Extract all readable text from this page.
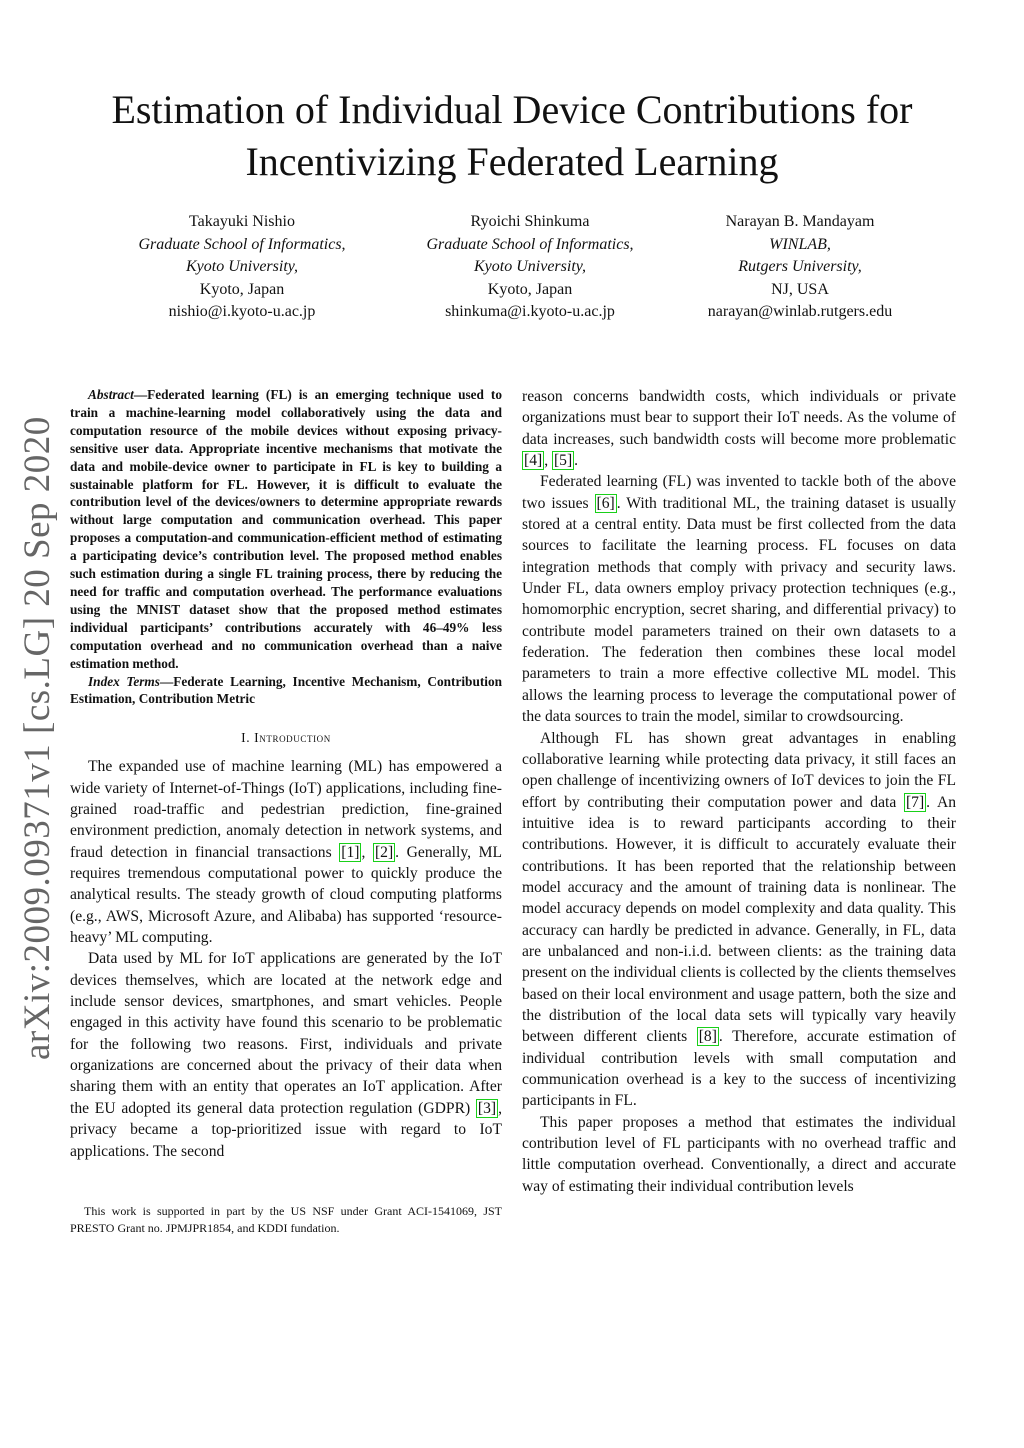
arXiv:2009.09371v1 [cs.LG] 20 Sep 2020
Estimation of Individual Device Contributions for Incentivizing Federated Learning
Takayuki Nishio
Graduate School of Informatics,
Kyoto University,
Kyoto, Japan
nishio@i.kyoto-u.ac.jp
Ryoichi Shinkuma
Graduate School of Informatics,
Kyoto University,
Kyoto, Japan
shinkuma@i.kyoto-u.ac.jp
Narayan B. Mandayam
WINLAB,
Rutgers University,
NJ, USA
narayan@winlab.rutgers.edu

Abstract—Federated learning (FL) is an emerging technique used to train a machine-learning model collaboratively using the data and computation resource of the mobile devices without exposing privacy-sensitive user data. Appropriate incentive mechanisms that motivate the data and mobile-device owner to participate in FL is key to building a sustainable platform for FL. However, it is difficult to evaluate the contribution level of the devices/owners to determine appropriate rewards without large computation and communication overhead. This paper proposes a computation-and communication-efficient method of estimating a participating device’s contribution level. The proposed method enables such estimation during a single FL training process, there by reducing the need for traffic and computation overhead. The performance evaluations using the MNIST dataset show that the proposed method estimates individual participants’ contributions accurately with 46–49% less computation overhead and no communication overhead than a naive estimation method.

Index Terms—Federate Learning, Incentive Mechanism, Contribution Estimation, Contribution Metric

I. Introduction

The expanded use of machine learning (ML) has empowered a wide variety of Internet-of-Things (IoT) applications, including fine-grained road-traffic and pedestrian prediction, fine-grained environment prediction, anomaly detection in network systems, and fraud detection in financial transactions [1] , [2] . Generally, ML requires tremendous computational power to quickly produce the analytical results. The steady growth of cloud computing platforms (e.g., AWS, Microsoft Azure, and Alibaba) has supported ‘resource-heavy’ ML computing.

Data used by ML for IoT applications are generated by the IoT devices themselves, which are located at the network edge and include sensor devices, smartphones, and smart vehicles. People engaged in this activity have found this scenario to be problematic for the following two reasons. First, individuals and private organizations are concerned about the privacy of their data when sharing them with an entity that operates an IoT application. After the EU adopted its general data protection regulation (GDPR) [3] , privacy became a top-prioritized issue with regard to IoT applications. The second

This work is supported in part by the US NSF under Grant ACI-1541069, JST PRESTO Grant no. JPMJPR1854, and KDDI fundation.

reason concerns bandwidth costs, which individuals or private organizations must bear to support their IoT needs. As the volume of data increases, such bandwidth costs will become more problematic [4] , [5] .

Federated learning (FL) was invented to tackle both of the above two issues [6] . With traditional ML, the training dataset is usually stored at a central entity. Data must be first collected from the data sources to facilitate the learning process. FL focuses on data integration methods that comply with privacy and security laws. Under FL, data owners employ privacy protection techniques (e.g., homomorphic encryption, secret sharing, and differential privacy) to contribute model parameters trained on their own datasets to a federation. The federation then combines these local model parameters to train a more effective collective ML model. This allows the learning process to leverage the computational power of the data sources to train the model, similar to crowdsourcing.

Although FL has shown great advantages in enabling collaborative learning while protecting data privacy, it still faces an open challenge of incentivizing owners of IoT devices to join the FL effort by contributing their computation power and data [7] . An intuitive idea is to reward participants according to their contributions. However, it is difficult to accurately evaluate their contributions. It has been reported that the relationship between model accuracy and the amount of training data is nonlinear. The model accuracy depends on model complexity and data quality. This accuracy can hardly be predicted in advance. Generally, in FL, data are unbalanced and non-i.i.d. between clients: as the training data present on the individual clients is collected by the clients themselves based on their local environment and usage pattern, both the size and the distribution of the local data sets will typically vary heavily between different clients [8] . Therefore, accurate estimation of individual contribution levels with small computation and communication overhead is a key to the success of incentivizing participants in FL.

This paper proposes a method that estimates the individual contribution level of FL participants with no overhead traffic and little computation overhead. Conventionally, a direct and accurate way of estimating their individual contribution levels
